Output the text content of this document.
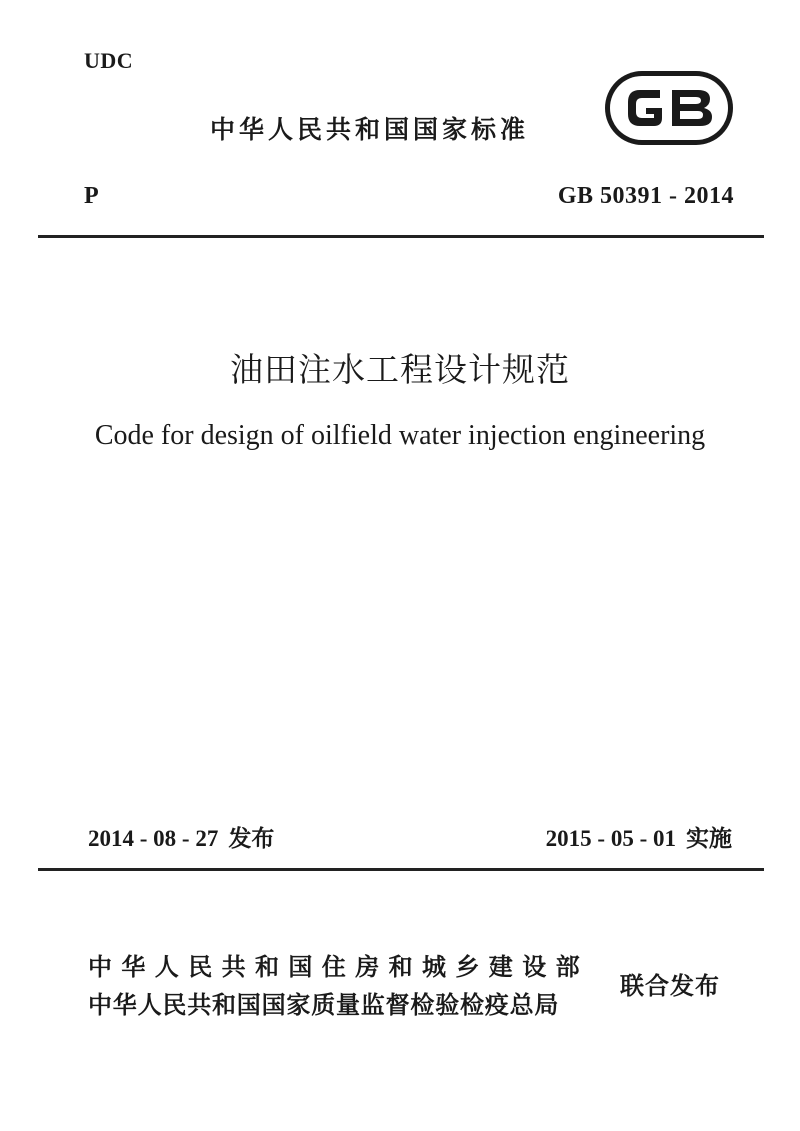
UDC
中华人民共和国国家标准
P	GB 50391 - 2014
油田注水工程设计规范
Code for design of oilfield water injection engineering
2014 - 08 - 27 发布	2015 - 05 - 01 实施
中华人民共和国住房和城乡建设部
中华人民共和国国家质量监督检验检疫总局
联合发布
